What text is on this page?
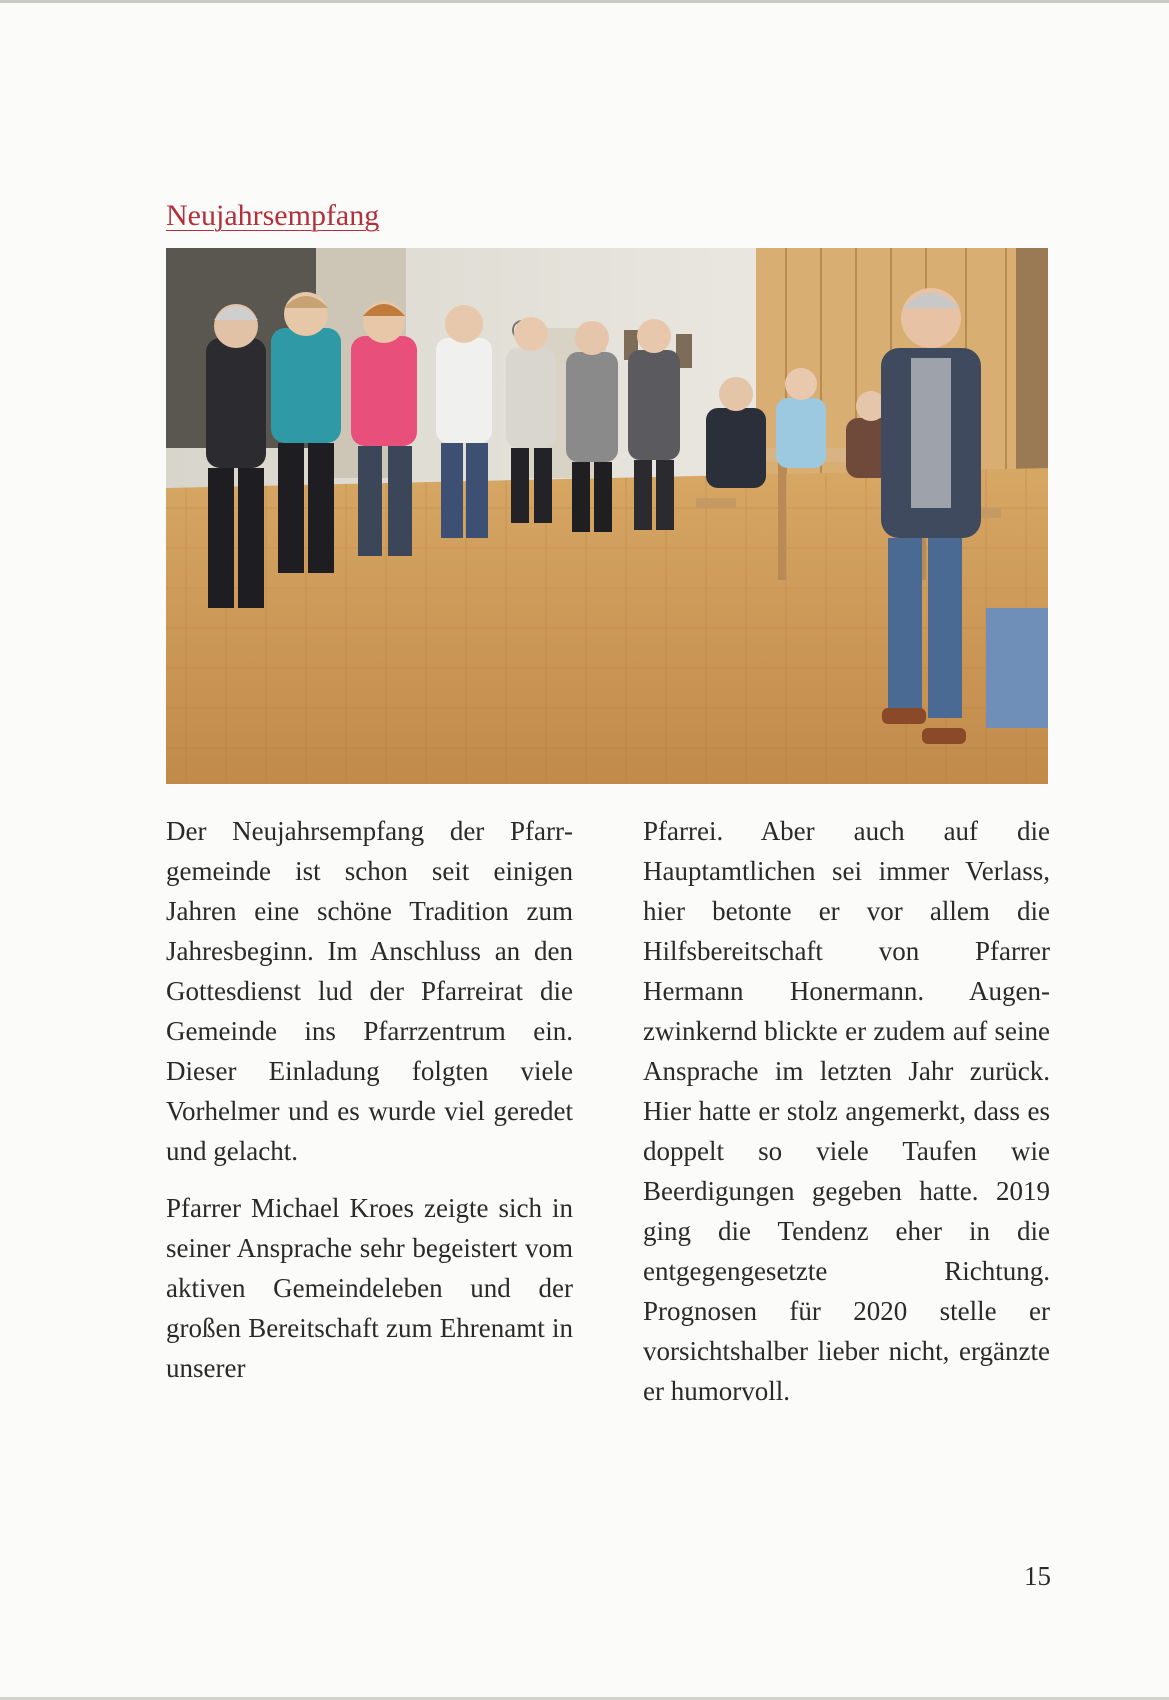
Neujahrsempfang

Der Neujahrsempfang der Pfarrgemeinde ist schon seit einigen Jahren eine schöne Tradition zum Jahresbeginn. Im Anschluss an den Gottesdienst lud der Pfarreirat die Gemeinde ins Pfarrzentrum ein. Dieser Einladung folgten viele Vorhelmer und es wurde viel geredet und gelacht.

Pfarrer Michael Kroes zeigte sich in seiner Ansprache sehr begeistert vom aktiven Gemeindeleben und der großen Bereitschaft zum Ehrenamt in unserer

Pfarrei. Aber auch auf die Hauptamtlichen sei immer Verlass, hier betonte er vor allem die Hilfsbereitschaft von Pfarrer Hermann Honermann. Augenzwinkernd blickte er zudem auf seine Ansprache im letzten Jahr zurück. Hier hatte er stolz angemerkt, dass es doppelt so viele Taufen wie Beerdigungen gegeben hatte. 2019 ging die Tendenz eher in die entgegengesetzte Richtung. Prognosen für 2020 stelle er vorsichtshalber lieber nicht, ergänzte er humorvoll.

15
